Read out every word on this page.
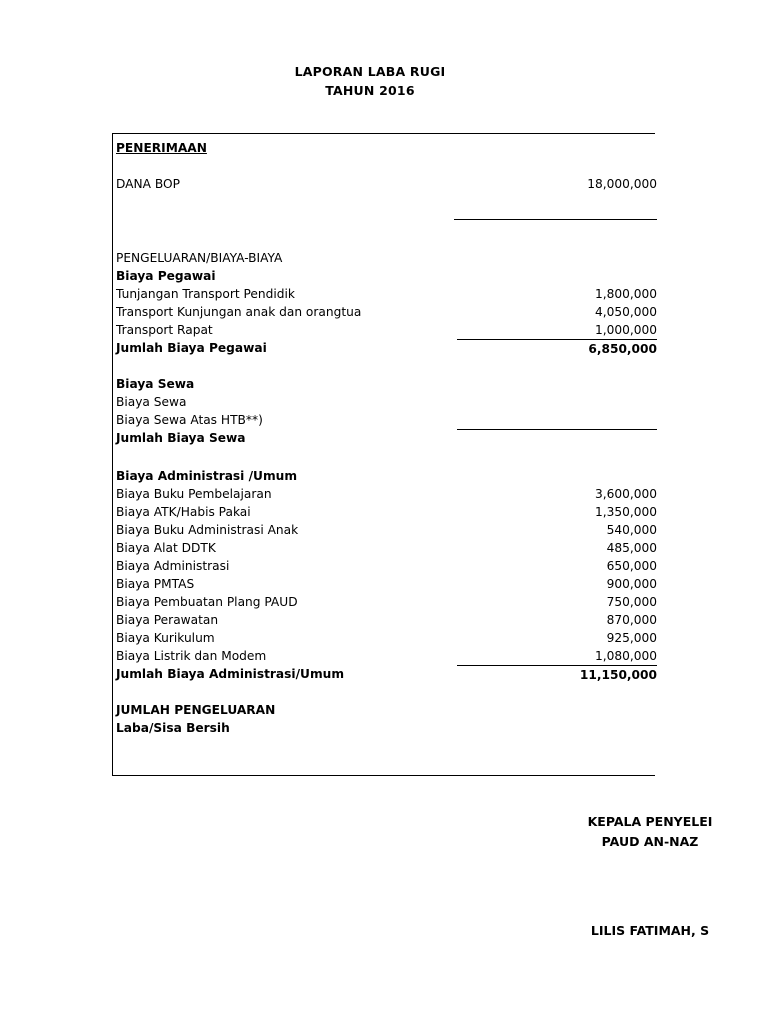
LAPORAN LABA RUGI
TAHUN 2016
PENERIMAAN
DANA BOP	18,000,000
PENGELUARAN/BIAYA-BIAYA
Biaya Pegawai
Tunjangan Transport Pendidik	1,800,000
Transport Kunjungan anak dan orangtua	4,050,000
Transport Rapat	1,000,000
Jumlah Biaya Pegawai	6,850,000
Biaya Sewa
Biaya Sewa
Biaya Sewa Atas HTB**)
Jumlah Biaya Sewa
Biaya Administrasi /Umum
Biaya Buku Pembelajaran	3,600,000
Biaya ATK/Habis Pakai	1,350,000
Biaya Buku Administrasi Anak	540,000
Biaya Alat DDTK	485,000
Biaya Administrasi	650,000
Biaya PMTAS	900,000
Biaya Pembuatan Plang PAUD	750,000
Biaya Perawatan	870,000
Biaya Kurikulum	925,000
Biaya Listrik dan Modem	1,080,000
Jumlah Biaya Administrasi/Umum	11,150,000
JUMLAH PENGELUARAN
Laba/Sisa Bersih
KEPALA PENYELEI
PAUD AN-NAZ
LILIS FATIMAH, S
